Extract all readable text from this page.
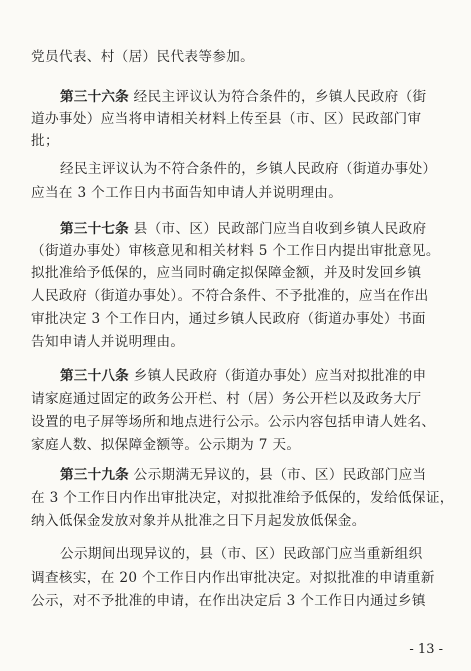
党员代表、村（居）民代表等参加。
第三十六条 经民主评议认为符合条件的，乡镇人民政府（街
道办事处）应当将申请相关材料上传至县（市、区）民政部门审
批；
经民主评议认为不符合条件的，乡镇人民政府（街道办事处）
应当在 3 个工作日内书面告知申请人并说明理由。
第三十七条 县（市、区）民政部门应当自收到乡镇人民政府
（街道办事处）审核意见和相关材料 5 个工作日内提出审批意见。
拟批准给予低保的，应当同时确定拟保障金额，并及时发回乡镇
人民政府（街道办事处）。不符合条件、不予批准的，应当在作出
审批决定 3 个工作日内，通过乡镇人民政府（街道办事处）书面
告知申请人并说明理由。
第三十八条 乡镇人民政府（街道办事处）应当对拟批准的申
请家庭通过固定的政务公开栏、村（居）务公开栏以及政务大厅
设置的电子屏等场所和地点进行公示。公示内容包括申请人姓名、
家庭人数、拟保障金额等。公示期为 7 天。
第三十九条 公示期满无异议的，县（市、区）民政部门应当
在 3 个工作日内作出审批决定，对拟批准给予低保的，发给低保证，
纳入低保金发放对象并从批准之日下月起发放低保金。
公示期间出现异议的，县（市、区）民政部门应当重新组织
调查核实，在 20 个工作日内作出审批决定。对拟批准的申请重新
公示，对不予批准的申请，在作出决定后 3 个工作日内通过乡镇
- 13 -
